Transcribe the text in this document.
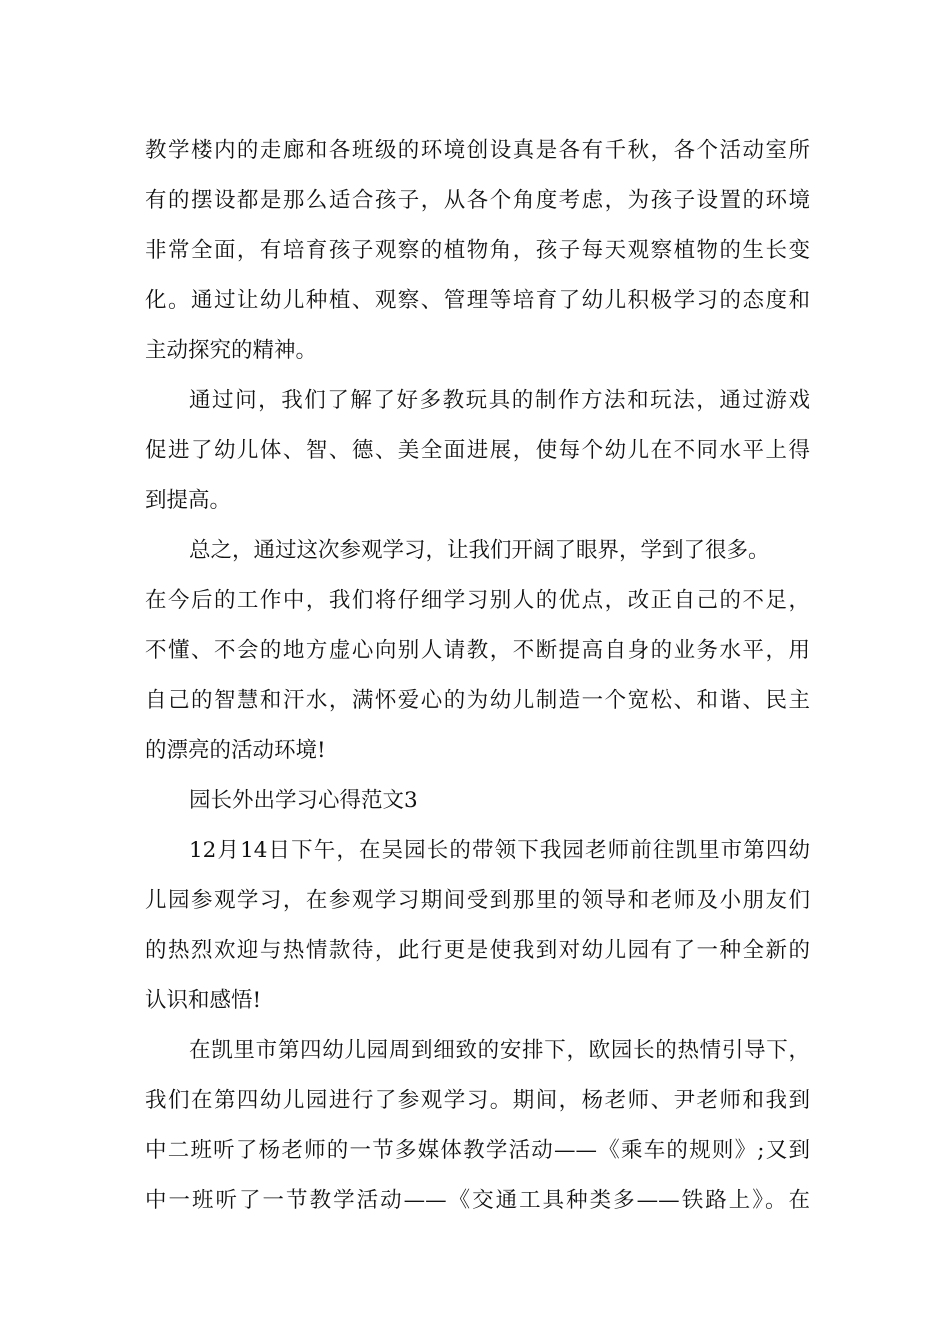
教学楼内的走廊和各班级的环境创设真是各有千秋，各个活动室所
有的摆设都是那么适合孩子，从各个角度考虑，为孩子设置的环境
非常全面，有培育孩子观察的植物角，孩子每天观察植物的生长变
化。通过让幼儿种植、观察、管理等培育了幼儿积极学习的态度和
主动探究的精神。
通过问，我们了解了好多教玩具的制作方法和玩法，通过游戏
促进了幼儿体、智、德、美全面进展，使每个幼儿在不同水平上得
到提高。
总之，通过这次参观学习，让我们开阔了眼界，学到了很多。
在今后的工作中，我们将仔细学习别人的优点，改正自己的不足，
不懂、不会的地方虚心向别人请教，不断提高自身的业务水平，用
自己的智慧和汗水，满怀爱心的为幼儿制造一个宽松、和谐、民主
的漂亮的活动环境!
园长外出学习心得范文3
12月14日下午，在吴园长的带领下我园老师前往凯里市第四幼
儿园参观学习，在参观学习期间受到那里的领导和老师及小朋友们
的热烈欢迎与热情款待，此行更是使我到对幼儿园有了一种全新的
认识和感悟!
在凯里市第四幼儿园周到细致的安排下，欧园长的热情引导下，
我们在第四幼儿园进行了参观学习。期间，杨老师、尹老师和我到
中二班听了杨老师的一节多媒体教学活动——《乘车的规则》;又到
中一班听了一节教学活动——《交通工具种类多——铁路上》。在
